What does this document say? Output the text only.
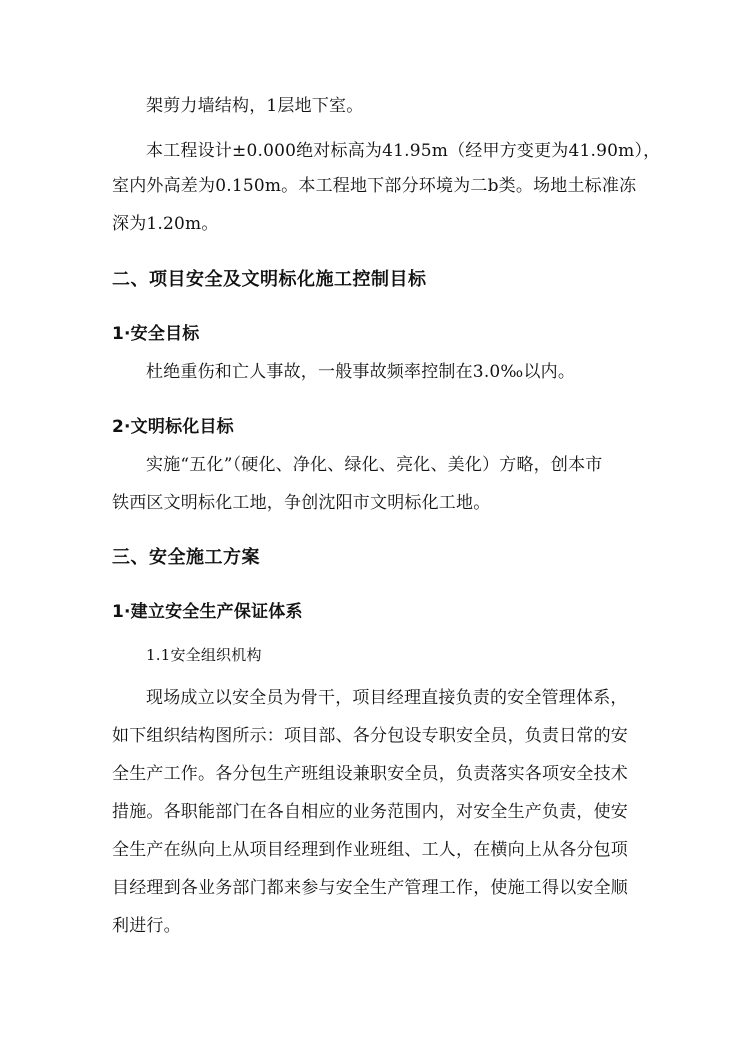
架剪力墙结构，1层地下室。
本工程设计±0.000绝对标高为41.95m（经甲方变更为41.90m），
室内外高差为0.150m。本工程地下部分环境为二b类。场地土标准冻
深为1.20m。
二、项目安全及文明标化施工控制目标
1·安全目标
杜绝重伤和亡人事故，一般事故频率控制在3.0‰以内。
2·文明标化目标
实施“五化”（硬化、净化、绿化、亮化、美化）方略，创本市
铁西区文明标化工地，争创沈阳市文明标化工地。
三、安全施工方案
1·建立安全生产保证体系
1.1安全组织机构
现场成立以安全员为骨干，项目经理直接负责的安全管理体系，
如下组织结构图所示：项目部、各分包设专职安全员，负责日常的安
全生产工作。各分包生产班组设兼职安全员，负责落实各项安全技术
措施。各职能部门在各自相应的业务范围内，对安全生产负责，使安
全生产在纵向上从项目经理到作业班组、工人，在横向上从各分包项
目经理到各业务部门都来参与安全生产管理工作，使施工得以安全顺
利进行。
